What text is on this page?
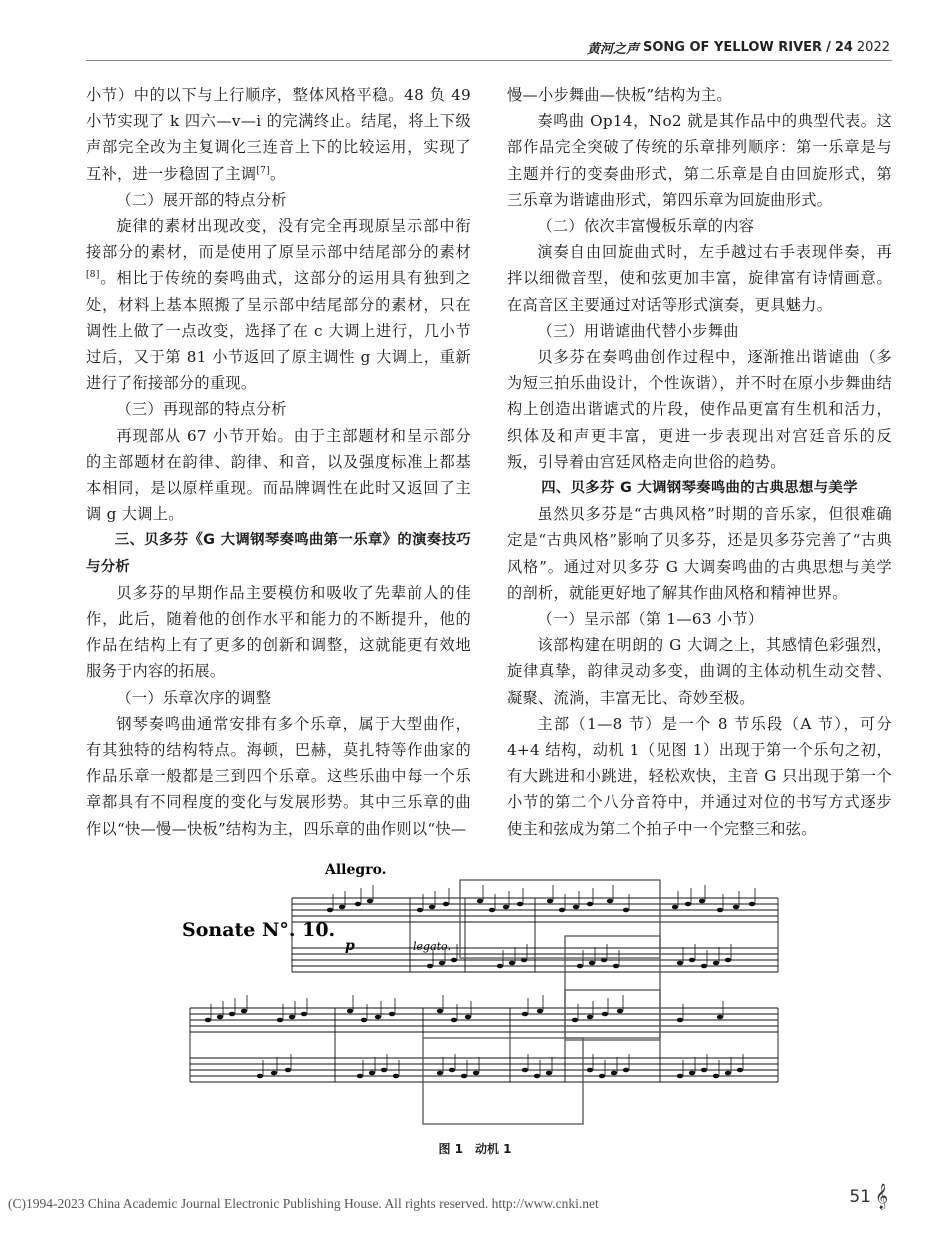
黄河之声 SONG OF YELLOW RIVER / 24 2022

小节）中的以下与上行顺序，整体风格平稳。48 负 49 小节实现了 k 四六—v—i 的完满终止。结尾，将上下级声部完全改为主复调化三连音上下的比较运用，实现了互补，进一步稳固了主调[7]。

（二）展开部的特点分析

旋律的素材出现改变，没有完全再现原呈示部中衔接部分的素材，而是使用了原呈示部中结尾部分的素材[8]。相比于传统的奏鸣曲式，这部分的运用具有独到之处，材料上基本照搬了呈示部中结尾部分的素材，只在调性上做了一点改变，选择了在 c 大调上进行，几小节过后，又于第 81 小节返回了原主调性 g 大调上，重新进行了衔接部分的重现。

（三）再现部的特点分析

再现部从 67 小节开始。由于主部题材和呈示部分的主部题材在韵律、韵律、和音，以及强度标准上都基本相同，是以原样重现。而品牌调性在此时又返回了主调 g 大调上。

三、贝多芬《G 大调钢琴奏鸣曲第一乐章》的演奏技巧与分析

贝多芬的早期作品主要模仿和吸收了先辈前人的佳作，此后，随着他的创作水平和能力的不断提升，他的作品在结构上有了更多的创新和调整，这就能更有效地服务于内容的拓展。

（一）乐章次序的调整

钢琴奏鸣曲通常安排有多个乐章，属于大型曲作，有其独特的结构特点。海顿，巴赫，莫扎特等作曲家的作品乐章一般都是三到四个乐章。这些乐曲中每一个乐章都具有不同程度的变化与发展形势。其中三乐章的曲作以“快—慢—快板”结构为主，四乐章的曲作则以“快—

慢—小步舞曲—快板”结构为主。

奏鸣曲 Op14，No2 就是其作品中的典型代表。这部作品完全突破了传统的乐章排列顺序：第一乐章是与主题并行的变奏曲形式，第二乐章是自由回旋形式，第三乐章为谐谑曲形式，第四乐章为回旋曲形式。

（二）依次丰富慢板乐章的内容

演奏自由回旋曲式时，左手越过右手表现伴奏，再拌以细微音型，使和弦更加丰富，旋律富有诗情画意。在高音区主要通过对话等形式演奏，更具魅力。

（三）用谐谑曲代替小步舞曲

贝多芬在奏鸣曲创作过程中，逐渐推出谐谑曲（多为短三拍乐曲设计，个性诙谐），并不时在原小步舞曲结构上创造出谐谑式的片段，使作品更富有生机和活力，织体及和声更丰富，更进一步表现出对宫廷音乐的反叛，引导着由宫廷风格走向世俗的趋势。

四、贝多芬 G 大调钢琴奏鸣曲的古典思想与美学

虽然贝多芬是“古典风格”时期的音乐家，但很难确定是“古典风格”影响了贝多芬，还是贝多芬完善了“古典风格”。通过对贝多芬 G 大调奏鸣曲的古典思想与美学的剖析，就能更好地了解其作曲风格和精神世界。

（一）呈示部（第 1—63 小节）

该部构建在明朗的 G 大调之上，其感情色彩强烈，旋律真挚，韵律灵动多变，曲调的主体动机生动交替、凝聚、流淌，丰富无比、奇妙至极。

主部（1—8 节）是一个 8 节乐段（A 节），可分 4+4 结构，动机 1（见图 1）出现于第一个乐句之初，有大跳进和小跳进，轻松欢快，主音 G 只出现于第一个小节的第二个八分音符中，并通过对位的书写方式逐步使主和弦成为第二个拍子中一个完整三和弦。

Allegro.
Sonate N°. 10.
p	legato.
图 1　动机 1
(C)1994-2023 China Academic Journal Electronic Publishing House. All rights reserved. http://www.cnki.net	51 𝄞
